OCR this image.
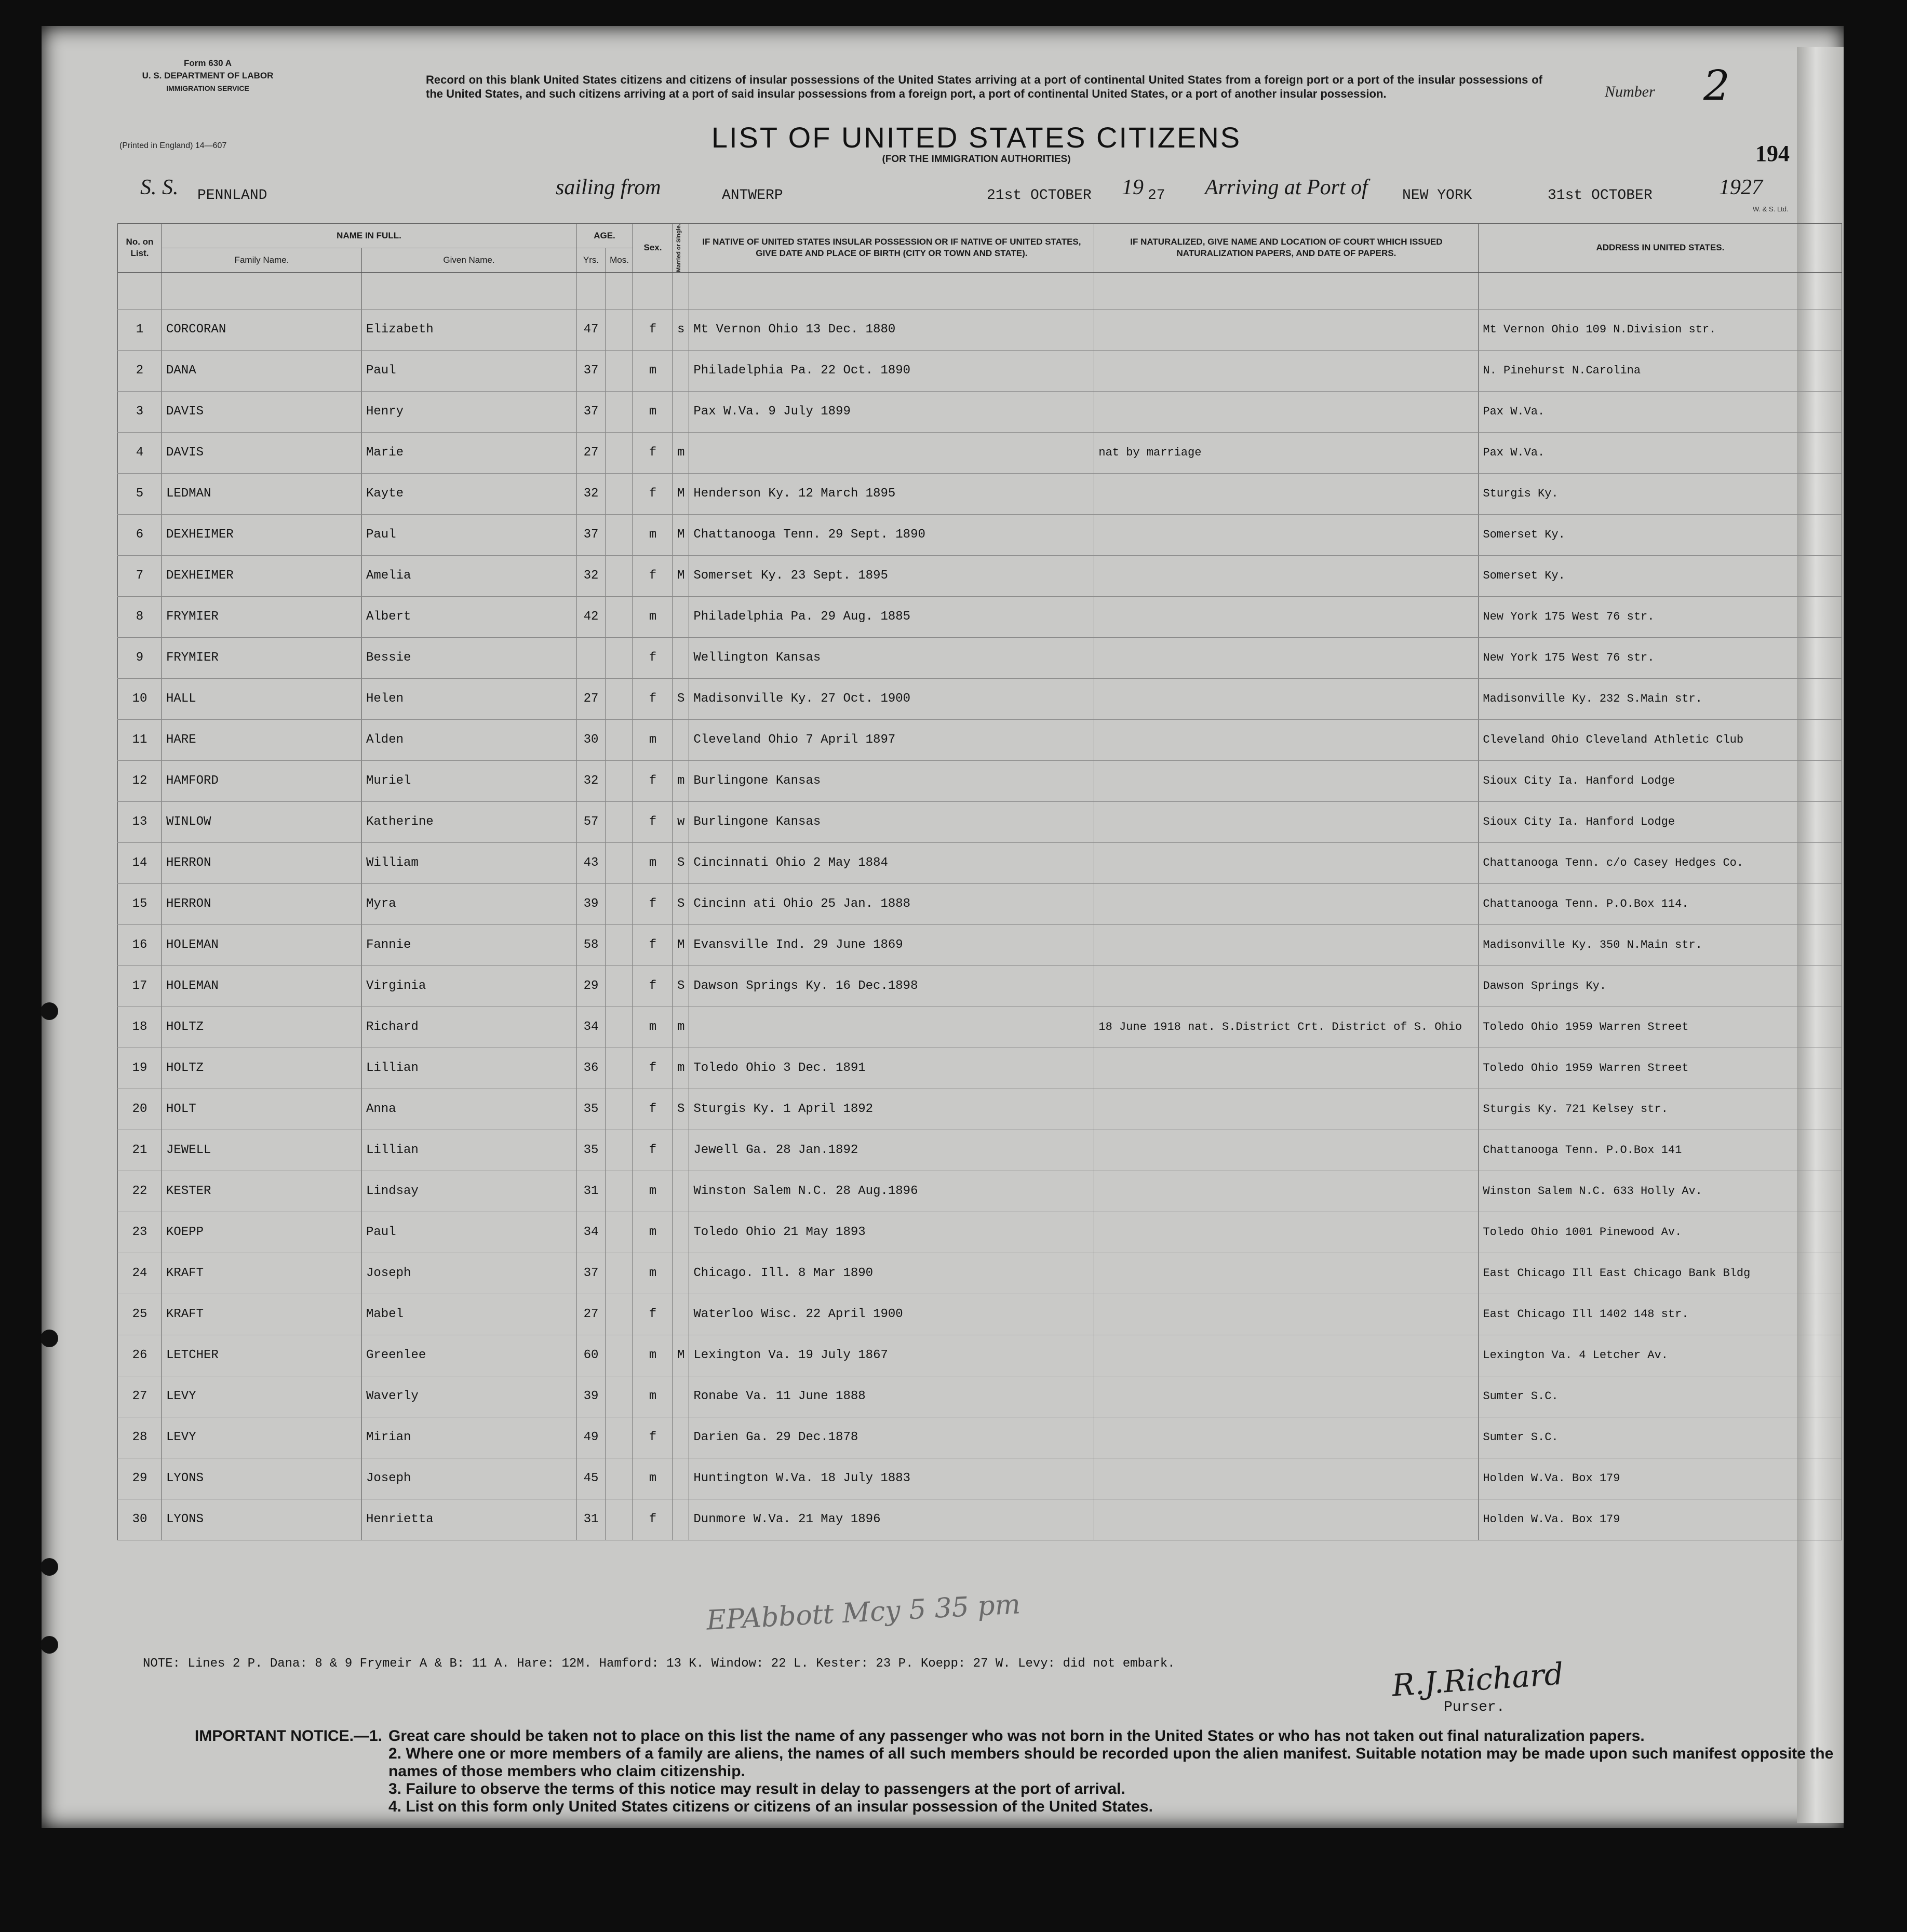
Form 630 A
U. S. DEPARTMENT OF LABOR
IMMIGRATION SERVICE
(Printed in England) 14—607
Record on this blank United States citizens and citizens of insular possessions of the United States arriving at a port of continental United States from a foreign port or a port of the insular possessions of the United States, and such citizens arriving at a port of said insular possessions from a foreign port, a port of continental United States, or a port of another insular possession.
LIST OF UNITED STATES CITIZENS
(FOR THE IMMIGRATION AUTHORITIES)
Number 2
194
S. S. PENNLAND	sailing from	ANTWERP	21st OCTOBER 19 27 Arriving at Port of NEW YORK	31st OCTOBER	1927
W. & S. Ltd.
No. on List.	NAME IN FULL.		AGE.		Sex.	Married or Single.	IF NATIVE OF UNITED STATES INSULAR POSSESSION OR IF NATIVE OF UNITED STATES, GIVE DATE AND PLACE OF BIRTH (CITY OR TOWN AND STATE).	IF NATURALIZED, GIVE NAME AND LOCATION OF COURT WHICH ISSUED NATURALIZATION PAPERS, AND DATE OF PAPERS.	ADDRESS IN UNITED STATES.
	Family Name.	Given Name.	Yrs.	Mos.					

1	CORCORAN	Elizabeth	47		f	s	Mt Vernon Ohio 13 Dec. 1880		Mt Vernon Ohio 109 N.Division str.
2	DANA	Paul	37		m		Philadelphia Pa. 22 Oct. 1890		N. Pinehurst N.Carolina
3	DAVIS	Henry	37		m		Pax W.Va. 9 July 1899		Pax W.Va.
4	DAVIS	Marie	27		f	m		nat by marriage	Pax W.Va.
5	LEDMAN	Kayte	32		f	M	Henderson Ky. 12 March 1895		Sturgis Ky.
6	DEXHEIMER	Paul	37		m	M	Chattanooga Tenn. 29 Sept. 1890		Somerset Ky.
7	DEXHEIMER	Amelia	32		f	M	Somerset Ky. 23 Sept. 1895		Somerset Ky.
8	FRYMIER	Albert	42		m		Philadelphia Pa. 29 Aug. 1885		New York 175 West 76 str.
9	FRYMIER	Bessie			f		Wellington Kansas		New York 175 West 76 str.
10	HALL	Helen	27		f	S	Madisonville Ky. 27 Oct. 1900		Madisonville Ky. 232 S.Main str.
11	HARE	Alden	30		m		Cleveland Ohio 7 April 1897		Cleveland Ohio Cleveland Athletic Club
12	HAMFORD	Muriel	32		f	m	Burlingone Kansas		Sioux City Ia. Hanford Lodge
13	WINLOW	Katherine	57		f	w	Burlingone Kansas		Sioux City Ia. Hanford Lodge
14	HERRON	William	43		m	S	Cincinnati Ohio 2 May 1884		Chattanooga Tenn. c/o Casey Hedges Co.
15	HERRON	Myra	39		f	S	Cincinn ati Ohio 25 Jan. 1888		Chattanooga Tenn. P.O.Box 114.
16	HOLEMAN	Fannie	58		f	M	Evansville Ind. 29 June 1869		Madisonville Ky. 350 N.Main str.
17	HOLEMAN	Virginia	29		f	S	Dawson Springs Ky. 16 Dec.1898		Dawson Springs Ky.
18	HOLTZ	Richard	34		m	m		18 June 1918 nat. S.District Crt. District of S. Ohio	Toledo Ohio 1959 Warren Street
19	HOLTZ	Lillian	36		f	m	Toledo Ohio 3 Dec. 1891		Toledo Ohio 1959 Warren Street
20	HOLT	Anna	35		f	S	Sturgis Ky. 1 April 1892		Sturgis Ky. 721 Kelsey str.
21	JEWELL	Lillian	35		f		Jewell Ga. 28 Jan.1892		Chattanooga Tenn. P.O.Box 141
22	KESTER	Lindsay	31		m		Winston Salem N.C. 28 Aug.1896		Winston Salem N.C. 633 Holly Av.
23	KOEPP	Paul	34		m		Toledo Ohio 21 May 1893		Toledo Ohio 1001 Pinewood Av.
24	KRAFT	Joseph	37		m		Chicago. Ill. 8 Mar 1890		East Chicago Ill East Chicago Bank Bldg
25	KRAFT	Mabel	27		f		Waterloo Wisc. 22 April 1900		East Chicago Ill 1402 148 str.
26	LETCHER	Greenlee	60		m	M	Lexington Va. 19 July 1867		Lexington Va. 4 Letcher Av.
27	LEVY	Waverly	39		m		Ronabe Va. 11 June 1888		Sumter S.C.
28	LEVY	Mirian	49		f		Darien Ga. 29 Dec.1878		Sumter S.C.
29	LYONS	Joseph	45		m		Huntington W.Va. 18 July 1883		Holden W.Va. Box 179
30	LYONS	Henrietta	31		f		Dunmore W.Va. 21 May 1896		Holden W.Va. Box 179
EPAbbott Mcy 5 35 pm
NOTE: Lines 2 P. Dana: 8 & 9 Frymeir A & B: 11 A. Hare: 12M. Hamford: 13 K. Window: 22 L. Kester: 23 P. Koepp: 27 W. Levy: did not embark.	R.J.Richard
Purser.
IMPORTANT NOTICE.—1. Great care should be taken not to place on this list the name of any passenger who was not born in the United States or who has not taken out final naturalization papers.
2. Where one or more members of a family are aliens, the names of all such members should be recorded upon the alien manifest. Suitable notation may be made upon such manifest opposite the names of those members who claim citizenship.
3. Failure to observe the terms of this notice may result in delay to passengers at the port of arrival.
4. List on this form only United States citizens or citizens of an insular possession of the United States.
